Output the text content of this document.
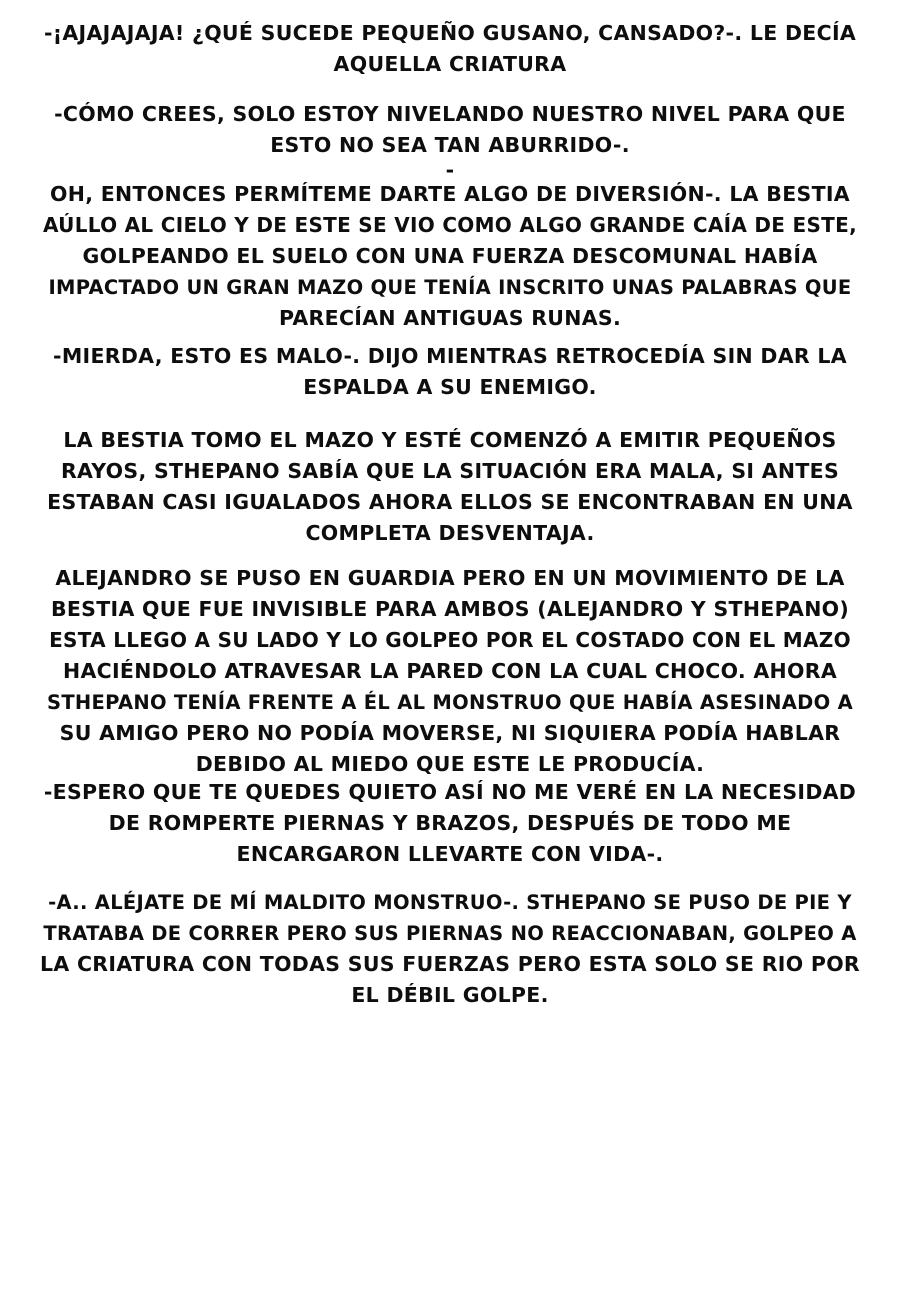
-¡AJAJAJAJA! ¿QUÉ SUCEDE PEQUEÑO GUSANO, CANSADO?-. LE DECÍA
AQUELLA CRIATURA

-CÓMO CREES, SOLO ESTOY NIVELANDO NUESTRO NIVEL PARA QUE
ESTO NO SEA TAN ABURRIDO-.
-
OH, ENTONCES PERMÍTEME DARTE ALGO DE DIVERSIÓN-. LA BESTIA
AÚLLO AL CIELO Y DE ESTE SE VIO COMO ALGO GRANDE CAÍA DE ESTE,
GOLPEANDO EL SUELO CON UNA FUERZA DESCOMUNAL HABÍA
IMPACTADO UN GRAN MAZO QUE TENÍA INSCRITO UNAS PALABRAS QUE
PARECÍAN ANTIGUAS RUNAS.

-MIERDA, ESTO ES MALO-. DIJO MIENTRAS RETROCEDÍA SIN DAR LA
ESPALDA A SU ENEMIGO.

LA BESTIA TOMO EL MAZO Y ESTÉ COMENZÓ A EMITIR PEQUEÑOS
RAYOS, STHEPANO SABÍA QUE LA SITUACIÓN ERA MALA, SI ANTES
ESTABAN CASI IGUALADOS AHORA ELLOS SE ENCONTRABAN EN UNA
COMPLETA DESVENTAJA.

ALEJANDRO SE PUSO EN GUARDIA PERO EN UN MOVIMIENTO DE LA
BESTIA QUE FUE INVISIBLE PARA AMBOS (ALEJANDRO Y STHEPANO)
ESTA LLEGO A SU LADO Y LO GOLPEO POR EL COSTADO CON EL MAZO
HACIÉNDOLO ATRAVESAR LA PARED CON LA CUAL CHOCO. AHORA
STHEPANO TENÍA FRENTE A ÉL AL MONSTRUO QUE HABÍA ASESINADO A
SU AMIGO PERO NO PODÍA MOVERSE, NI SIQUIERA PODÍA HABLAR
DEBIDO AL MIEDO QUE ESTE LE PRODUCÍA.

-ESPERO QUE TE QUEDES QUIETO ASÍ NO ME VERÉ EN LA NECESIDAD
DE ROMPERTE PIERNAS Y BRAZOS, DESPUÉS DE TODO ME
ENCARGARON LLEVARTE CON VIDA-.

-A.. ALÉJATE DE MÍ MALDITO MONSTRUO-. STHEPANO SE PUSO DE PIE Y
TRATABA DE CORRER PERO SUS PIERNAS NO REACCIONABAN, GOLPEO A
LA CRIATURA CON TODAS SUS FUERZAS PERO ESTA SOLO SE RIO POR
EL DÉBIL GOLPE.
